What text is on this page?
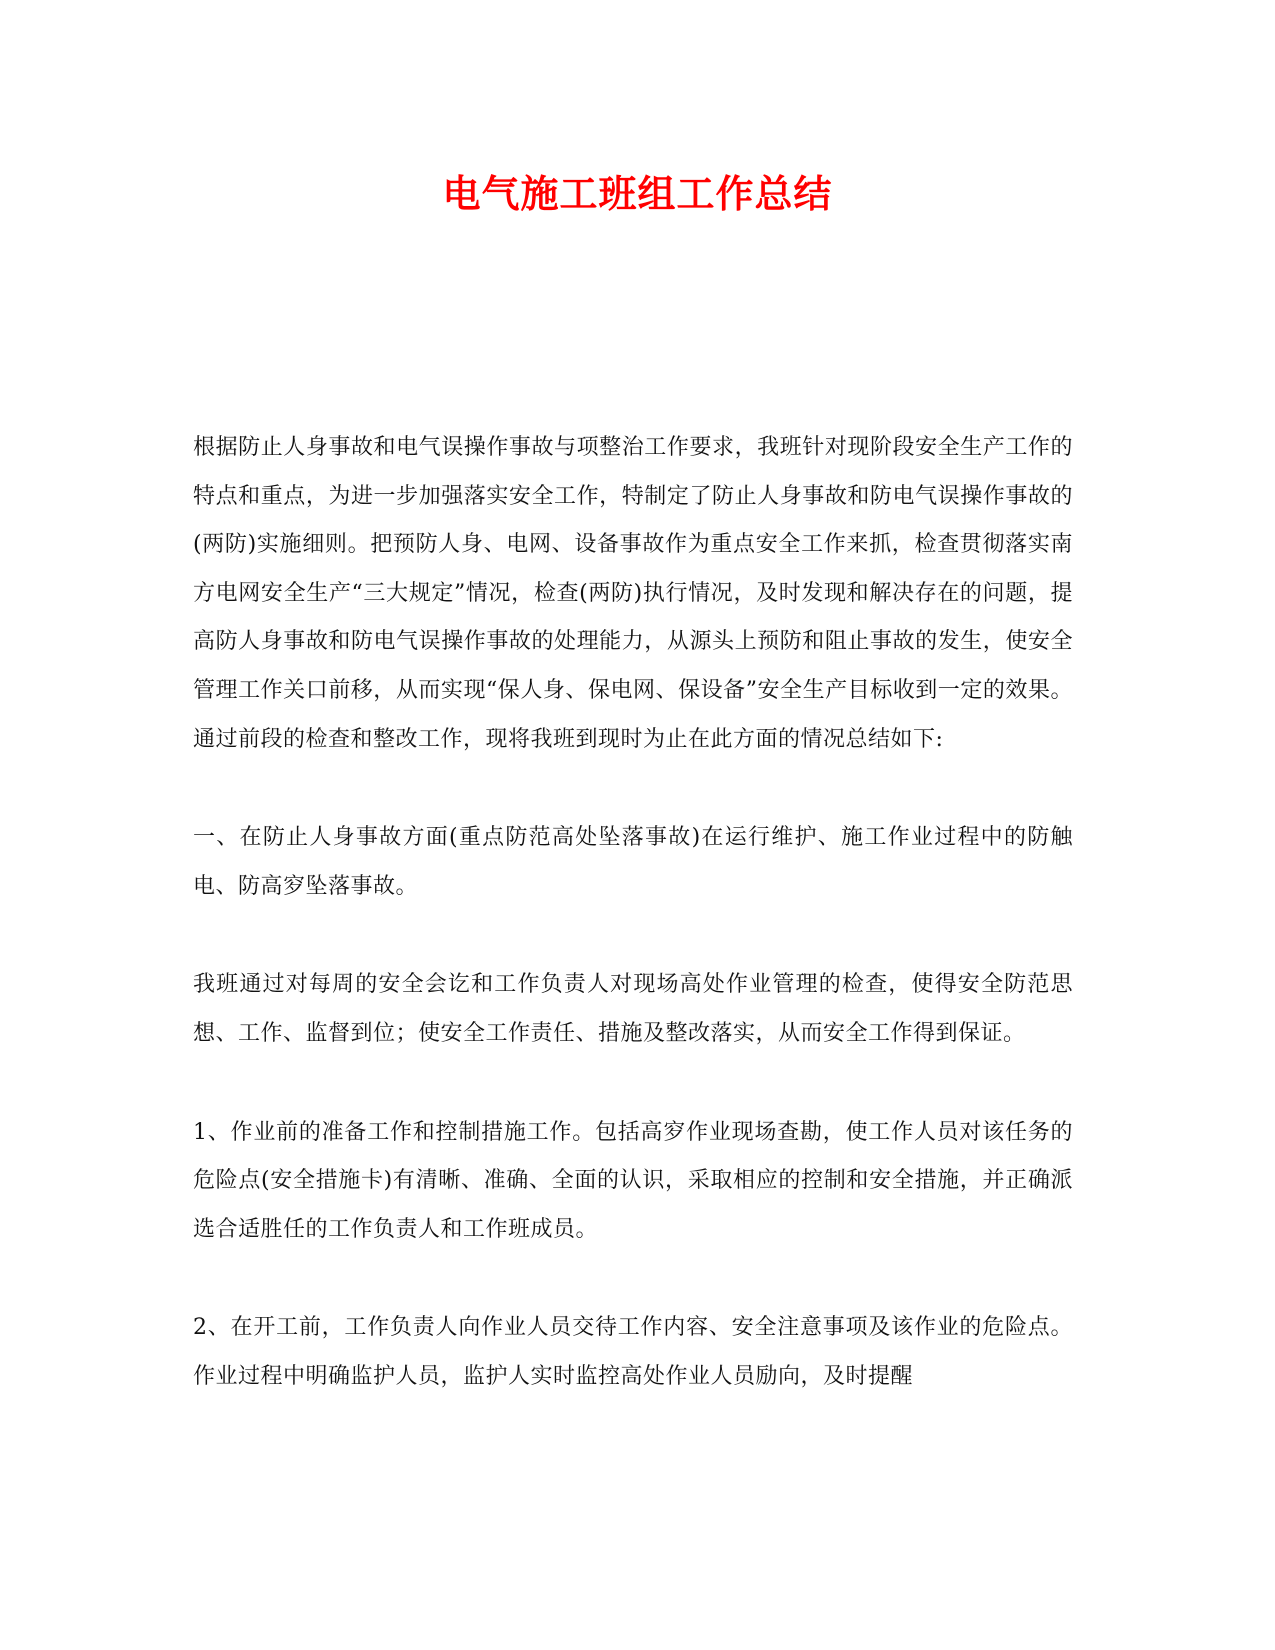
电气施工班组工作总结

根据防止人身事故和电气误操作事故与项整治工作要求，我班针对现阶段安全生产工作的特点和重点，为进一步加强落实安全工作，特制定了防止人身事故和防电气误操作事故的(两防)实施细则。把预防人身、电网、设备事故作为重点安全工作来抓，检查贯彻落实南方电网安全生产“三大规定”情况，检查(两防)执行情况，及时发现和解决存在的问题，提高防人身事故和防电气误操作事故的处理能力，从源头上预防和阻止事故的发生，使安全管理工作关口前移，从而实现“保人身、保电网、保设备”安全生产目标收到一定的效果。通过前段的检查和整改工作，现将我班到现时为止在此方面的情况总结如下:

一、在防止人身事故方面(重点防范高处坠落事故)在运行维护、施工作业过程中的防触电、防高穸坠落事故。

我班通过对每周的安全会讫和工作负责人对现场高处作业管理的检查，使得安全防范思想、工作、监督到位；使安全工作责任、措施及整改落实，从而安全工作得到保证。

1、作业前的准备工作和控制措施工作。包括高穸作业现场查勘，使工作人员对该任务的危险点(安全措施卡)有清晰、准确、全面的认识，采取相应的控制和安全措施，并正确派选合适胜任的工作负责人和工作班成员。

2、在开工前，工作负责人向作业人员交待工作内容、安全注意事项及该作业的危险点。作业过程中明确监护人员，监护人实时监控高处作业人员励向，及时提醒
